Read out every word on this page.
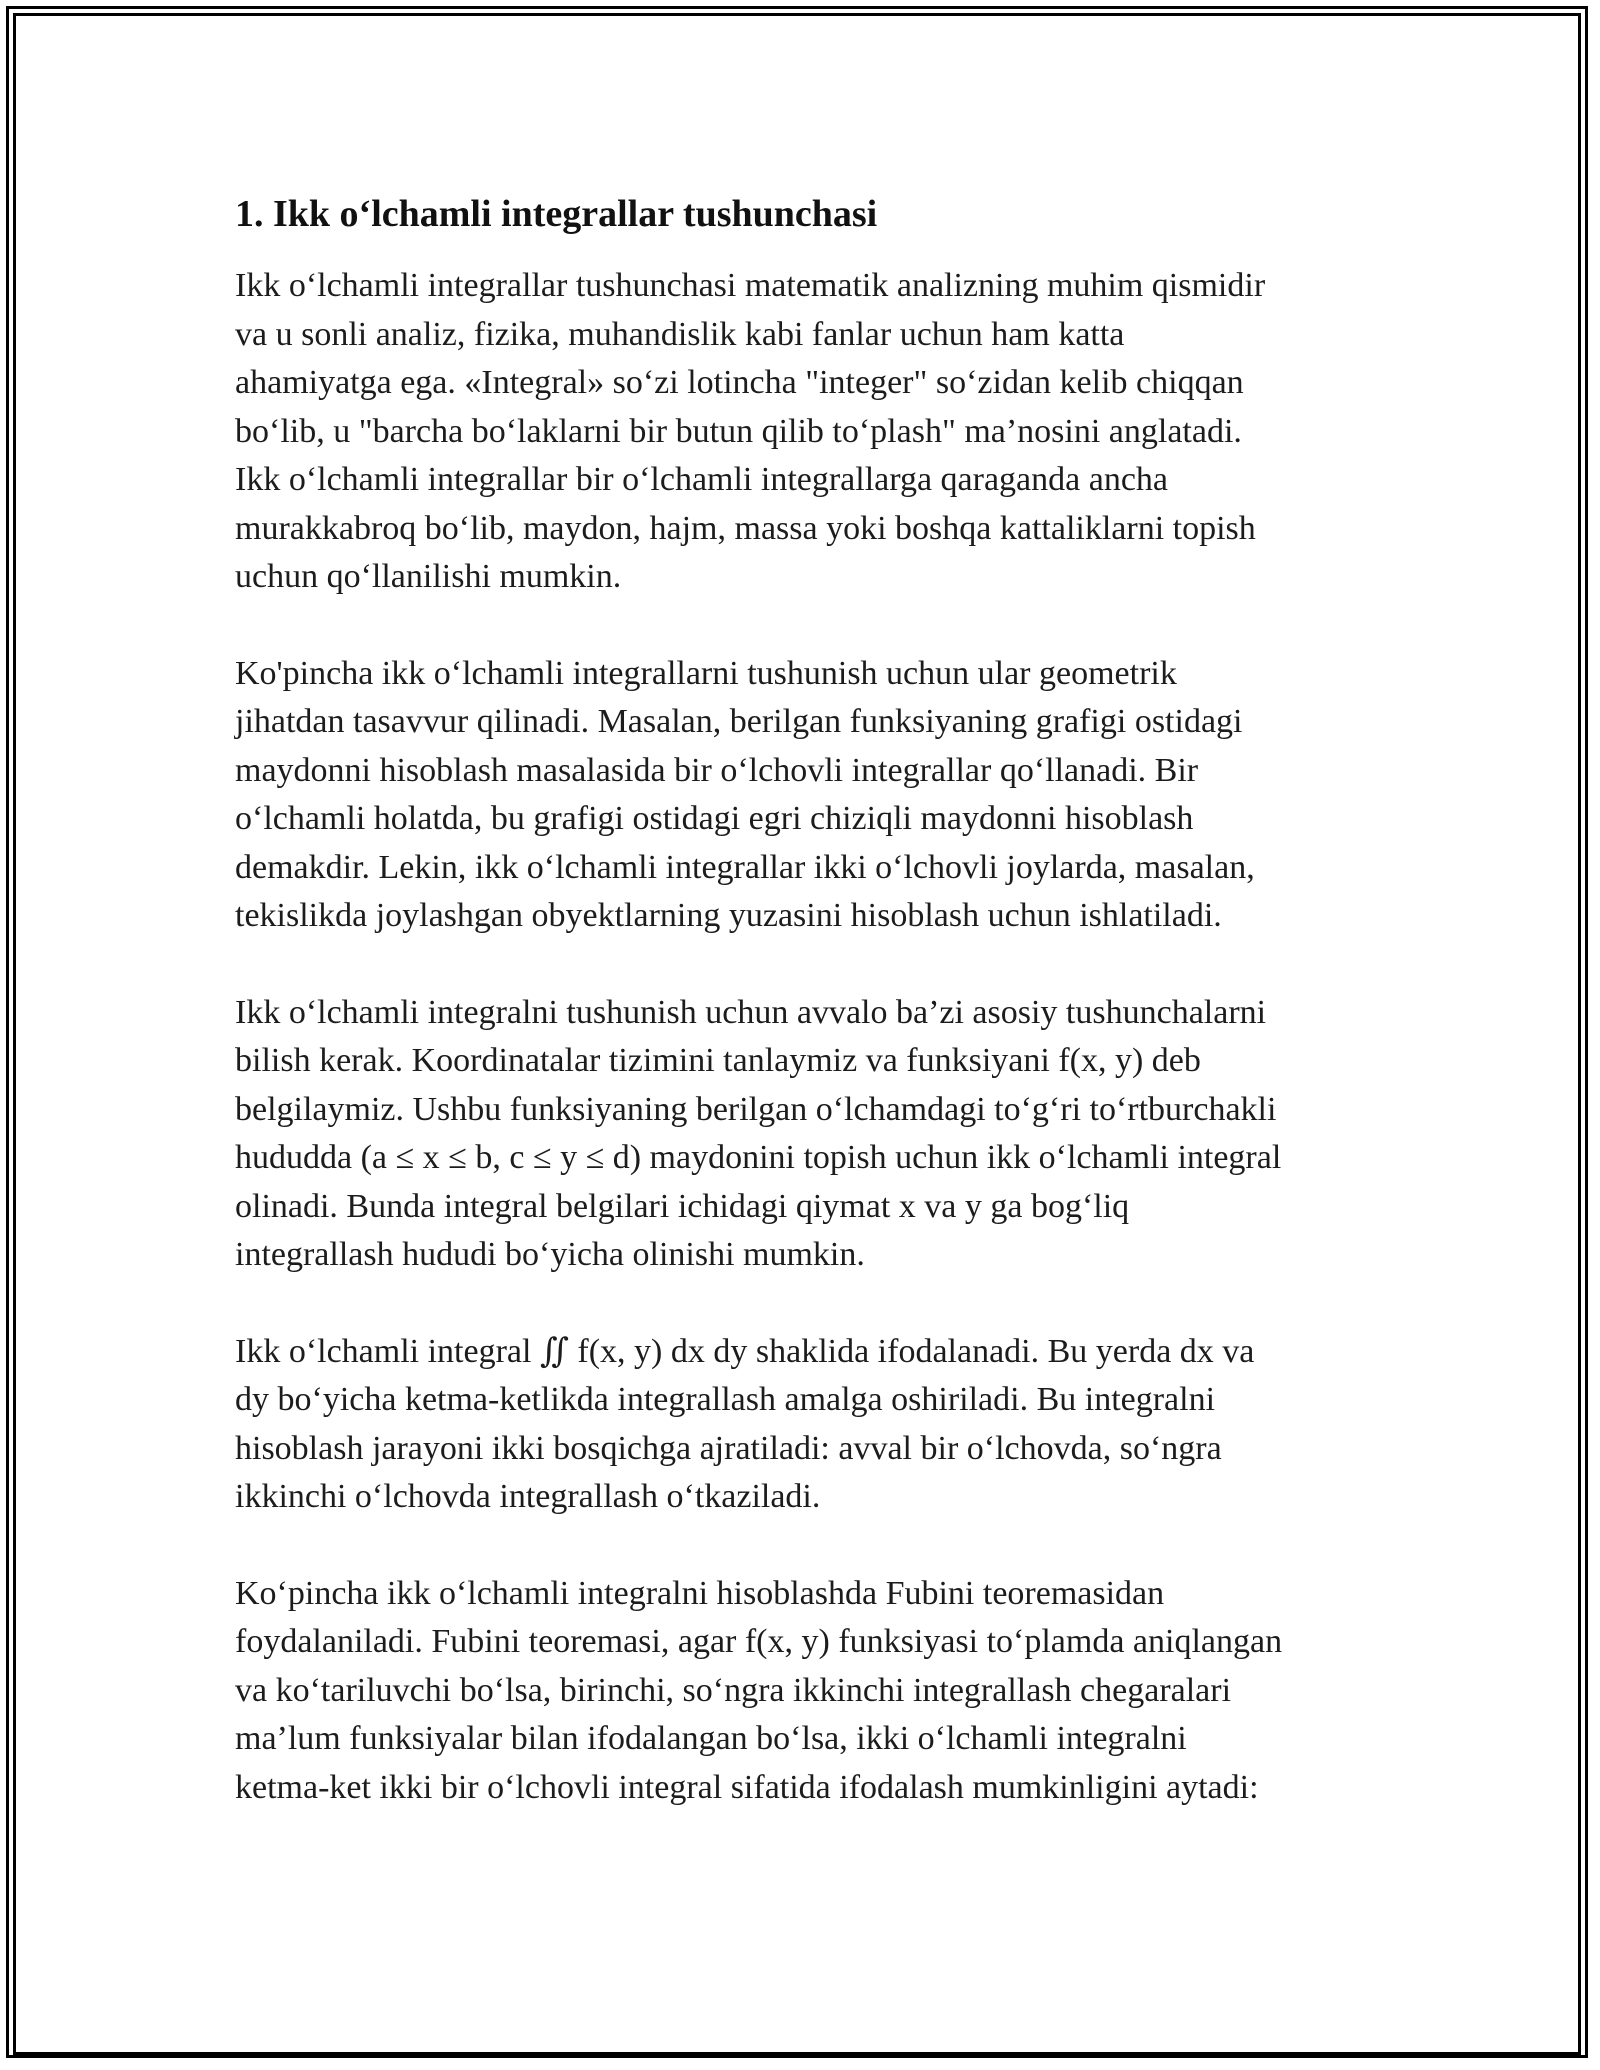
1. Ikk o‘lchamli integrallar tushunchasi

Ikk o‘lchamli integrallar tushunchasi matematik analizning muhim qismidir
va u sonli analiz, fizika, muhandislik kabi fanlar uchun ham katta
ahamiyatga ega. «Integral» so‘zi lotincha "integer" so‘zidan kelib chiqqan
bo‘lib, u "barcha bo‘laklarni bir butun qilib to‘plash" ma’nosini anglatadi.
Ikk o‘lchamli integrallar bir o‘lchamli integrallarga qaraganda ancha
murakkabroq bo‘lib, maydon, hajm, massa yoki boshqa kattaliklarni topish
uchun qo‘llanilishi mumkin.

Ko'pincha ikk o‘lchamli integrallarni tushunish uchun ular geometrik
jihatdan tasavvur qilinadi. Masalan, berilgan funksiyaning grafigi ostidagi
maydonni hisoblash masalasida bir o‘lchovli integrallar qo‘llanadi. Bir
o‘lchamli holatda, bu grafigi ostidagi egri chiziqli maydonni hisoblash
demakdir. Lekin, ikk o‘lchamli integrallar ikki o‘lchovli joylarda, masalan,
tekislikda joylashgan obyektlarning yuzasini hisoblash uchun ishlatiladi.

Ikk o‘lchamli integralni tushunish uchun avvalo ba’zi asosiy tushunchalarni
bilish kerak. Koordinatalar tizimini tanlaymiz va funksiyani f(x, y) deb
belgilaymiz. Ushbu funksiyaning berilgan o‘lchamdagi to‘g‘ri to‘rtburchakli
hududda (a ≤ x ≤ b, c ≤ y ≤ d) maydonini topish uchun ikk o‘lchamli integral
olinadi. Bunda integral belgilari ichidagi qiymat x va y ga bog‘liq
integrallash hududi bo‘yicha olinishi mumkin.

Ikk o‘lchamli integral ∬ f(x, y) dx dy shaklida ifodalanadi. Bu yerda dx va
dy bo‘yicha ketma-ketlikda integrallash amalga oshiriladi. Bu integralni
hisoblash jarayoni ikki bosqichga ajratiladi: avval bir o‘lchovda, so‘ngra
ikkinchi o‘lchovda integrallash o‘tkaziladi.

Ko‘pincha ikk o‘lchamli integralni hisoblashda Fubini teoremasidan
foydalaniladi. Fubini teoremasi, agar f(x, y) funksiyasi to‘plamda aniqlangan
va ko‘tariluvchi bo‘lsa, birinchi, so‘ngra ikkinchi integrallash chegaralari
ma’lum funksiyalar bilan ifodalangan bo‘lsa, ikki o‘lchamli integralni
ketma-ket ikki bir o‘lchovli integral sifatida ifodalash mumkinligini aytadi:
